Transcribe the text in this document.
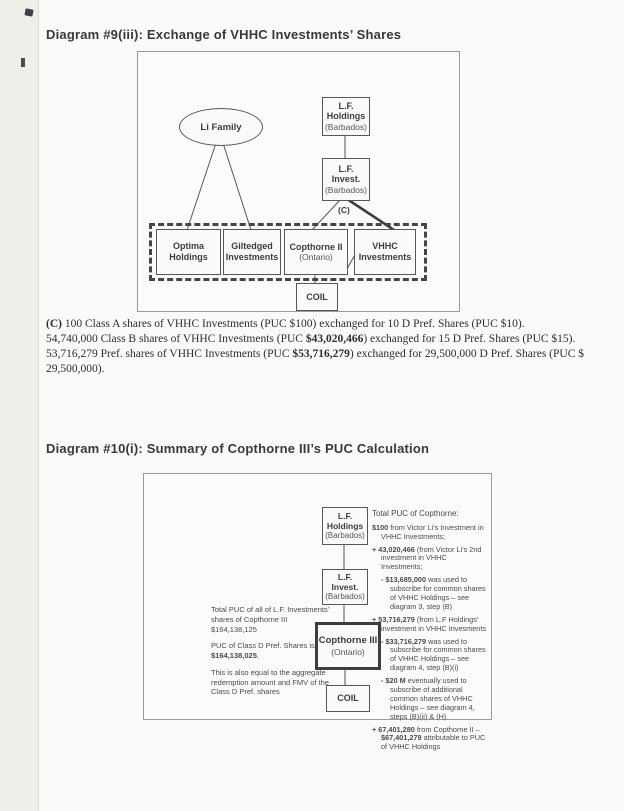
Diagram #9(iii): Exchange of VHHC Investments’ Shares
Li Family
L.F.
Holdings
(Barbados)
L.F.
Invest.
(Barbados)
(C)
Optima
Holdings
Giltedged
Investments
Copthorne II
(Ontario)
VHHC
Investments
COIL
(C) 100 Class A shares of VHHC Investments (PUC $100) exchanged for 10 D Pref. Shares (PUC $10).
54,740,000 Class B shares of VHHC Investments (PUC $43,020,466) exchanged for 15 D Pref. Shares (PUC $15).
53,716,279 Pref. shares of VHHC Investments (PUC $53,716,279) exchanged for 29,500,000 D Pref. Shares (PUC $
29,500,000).
Diagram #10(i): Summary of Copthorne III’s PUC Calculation
L.F.
Holdings
(Barbados)
L.F.
Invest.
(Barbados)
Copthorne III
(Ontario)
COIL

Total PUC of all of L.F. Investments’ shares of Copthorne III $164,138,125

PUC of Class D Pref. Shares is $164,138,025,

This is also equal to the aggregate redemption amount and FMV of the Class D Pref. shares

Total PUC of Copthorne:
$100 from Victor Li’s Investment in VHHC Investments;
+ 43,020,466 (from Victor Li’s 2nd investment in VHHC Investments;
- $13,685,000 was used to subscribe for common shares of VHHC Holdings – see diagram 3, step (B)
+ 53,716,279 (from L.F Holdings’ investment in VHHC Invesments
- $33,716,279 was used to subscribe for common shares of VHHC Holdings – see diagram 4, step (B)(i)
- $20 M eventually used to subscribe of additional common shares of VHHC Holdings – see diagram 4, steps (B)(ii) & (H)
+ 67,401,280 from Copthorne II – $67,401,279 attributable to PUC of VHHC Holdings
